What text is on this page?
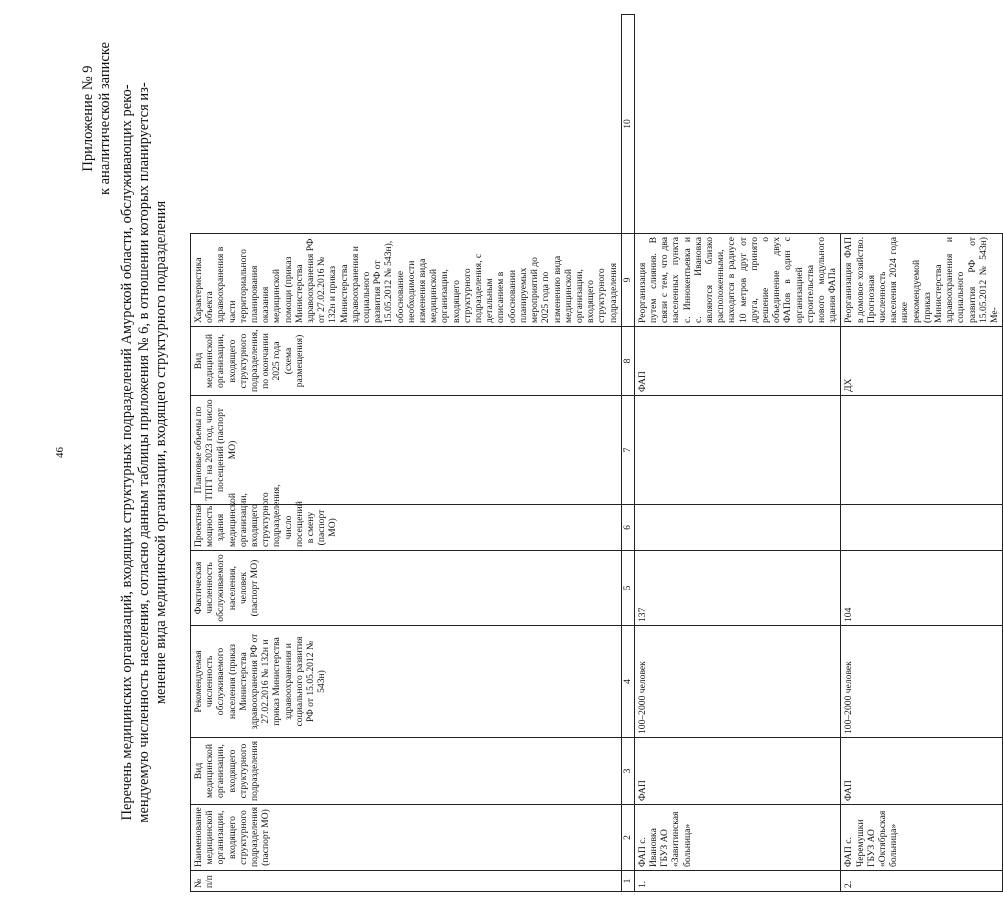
46
Приложение № 9 к аналитической записке Перечень медицинских организаций, входящих структурных подразделений Амурской области, обслуживающих реко- мендуемую численность населения, согласно данным таблицы приложения № 6, в отношении которых планируется из- менение вида медицинской организации, входящего структурного подразделения
№ п/п	Наименование медицинской организации, входящего структурного подразделения (паспорт МО)	Вид медицинской организации, входящего структурного подразделения	Рекомендуемая численность обслуживаемого населения (приказ Министерства здравоохранения РФ от 27.02.2016 № 132н и приказ Министерства здравоохранения и социального развития РФ от 15.05.2012 № 543н)	Фактическая численность обслуживаемого населения, человек (паспорт МО)	Проектная мощность здания медицинской организации, входящего структурного подразделения, число посещений в смену (паспорт МО)	Плановые объемы по ТПГГ на 2023 год, число посещений (паспорт МО)	Вид медицинской организации, входящего структурного подразделения, по окончании 2025 года (схема размещения)	Характеристика объекта здравоохранения в части территориального планирования оказания медицинской помощи (приказ Министерства здравоохранения РФ от 27.02.2016 № 132н и приказ Министерства здравоохранения и социального развития РФ от 15.05.2012 № 543н), обоснование необходимости изменения вида медицинской организации, входящего структурного подразделения, с детальным описанием в обосновании планируемых мероприятий до 2025 года по изменению вида медицинской организации, входящего структурного подразделения	
1	2	3	4	5	6	7	8	9	10
1.	ФАП с. Ивановка ГБУЗ АО «Завитинская больница»	ФАП	100–2000 человек	137			ФАП	Реорганизация путем слияния. В связи с тем, что два населенных пункта с. Иннокентьевка и с. Ивановка являются близко расположенными, находятся в радиусе 10 метров друг от друга, принято решение о объединение двух ФАПов в один с организацией строительства нового модульного здания ФАПа	
2.	ФАП с. Черемушки ГБУЗ АО «Октябрьская больница»	ФАП	100–2000 человек	104			ДХ	Реорганизация ФАП в домовое хозяйство. Прогнозная численность населения 2024 года ниже рекомендуемой (приказ Министерства здравоохранения и социального развития РФ от 15.05.2012 № 543н) Ме-	
